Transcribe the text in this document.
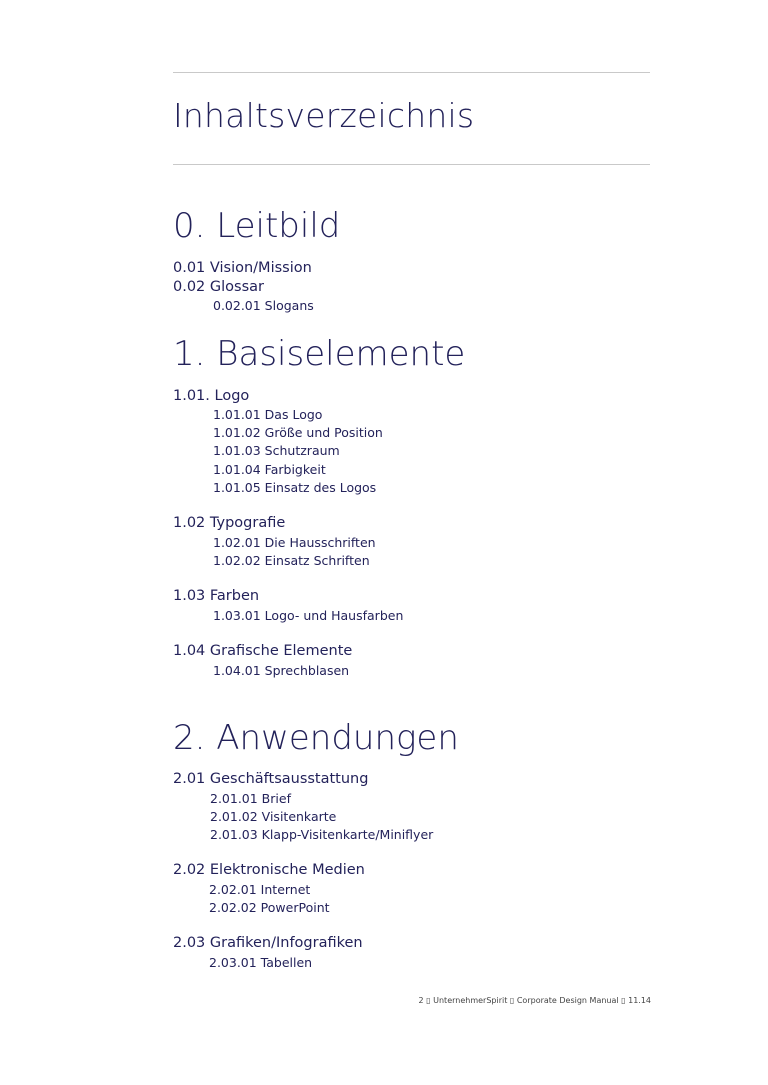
Inhaltsverzeichnis
0. Leitbild
0.01 Vision/Mission
0.02 Glossar
0.02.01 Slogans
1. Basiselemente
1.01. Logo
1.01.01 Das Logo
1.01.02 Größe und Position
1.01.03 Schutzraum
1.01.04 Farbigkeit
1.01.05 Einsatz des Logos
1.02 Typografie
1.02.01 Die Hausschriften
1.02.02 Einsatz Schriften
1.03 Farben
1.03.01 Logo- und Hausfarben
1.04 Grafische Elemente
1.04.01 Sprechblasen
2. Anwendungen
2.01 Geschäftsausstattung
2.01.01 Brief
2.01.02 Visitenkarte
2.01.03 Klapp-Visitenkarte/Miniflyer
2.02 Elektronische Medien
2.02.01 Internet
2.02.02 PowerPoint
2.03 Grafiken/Infografiken
2.03.01 Tabellen
2 ▯ UnternehmerSpirit ▯ Corporate Design Manual ▯ 11.14
